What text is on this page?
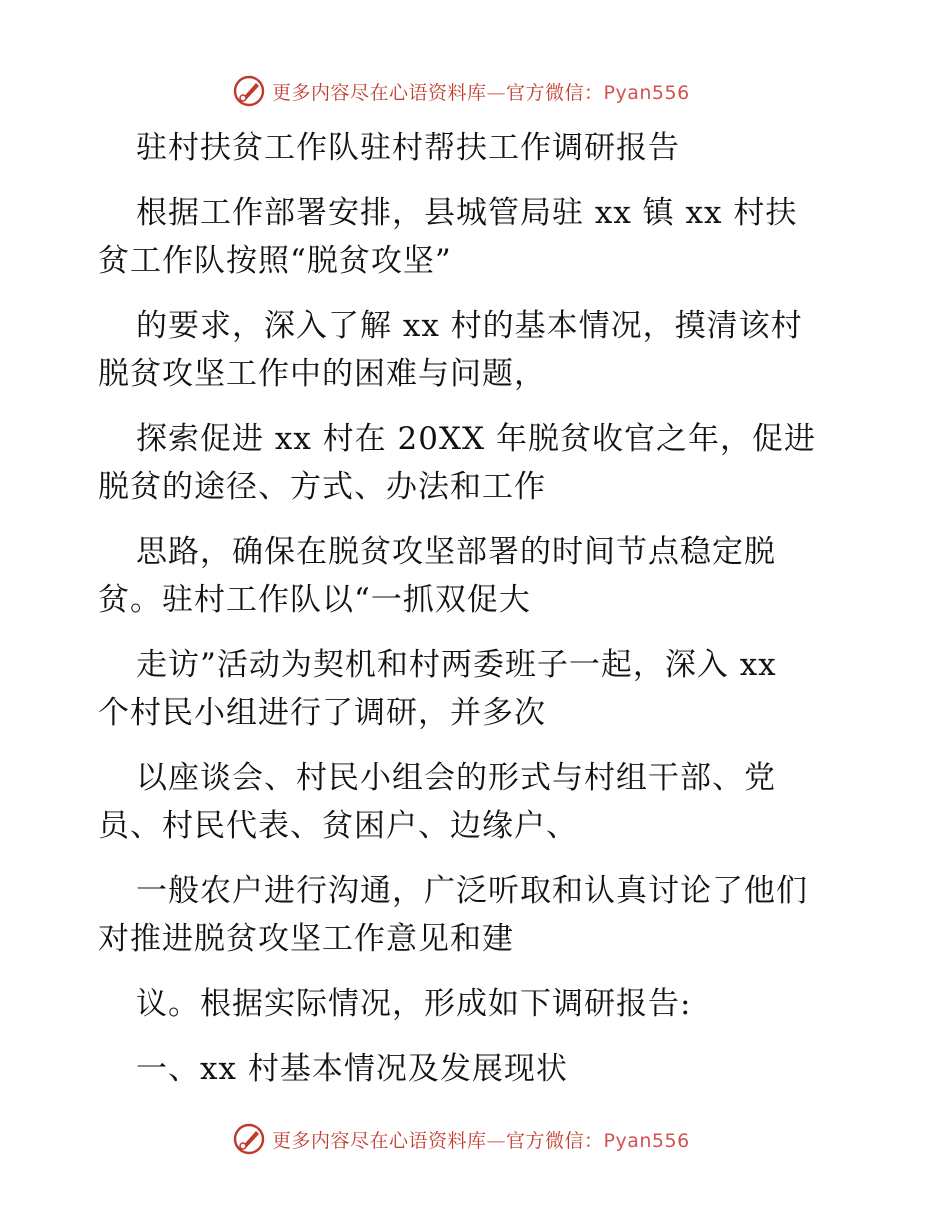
更多内容尽在心语资料库—官方微信：Pyan556
驻村扶贫工作队驻村帮扶工作调研报告
根据工作部署安排，县城管局驻 xx 镇 xx 村扶
贫工作队按照“脱贫攻坚”
的要求，深入了解 xx 村的基本情况，摸清该村
脱贫攻坚工作中的困难与问题，
探索促进 xx 村在 20XX 年脱贫收官之年，促进
脱贫的途径、方式、办法和工作
思路，确保在脱贫攻坚部署的时间节点稳定脱
贫。驻村工作队以“一抓双促大
走访”活动为契机和村两委班子一起，深入 xx
个村民小组进行了调研，并多次
以座谈会、村民小组会的形式与村组干部、党
员、村民代表、贫困户、边缘户、
一般农户进行沟通，广泛听取和认真讨论了他们
对推进脱贫攻坚工作意见和建
议。根据实际情况，形成如下调研报告:
一、xx 村基本情况及发展现状
更多内容尽在心语资料库—官方微信：Pyan556
